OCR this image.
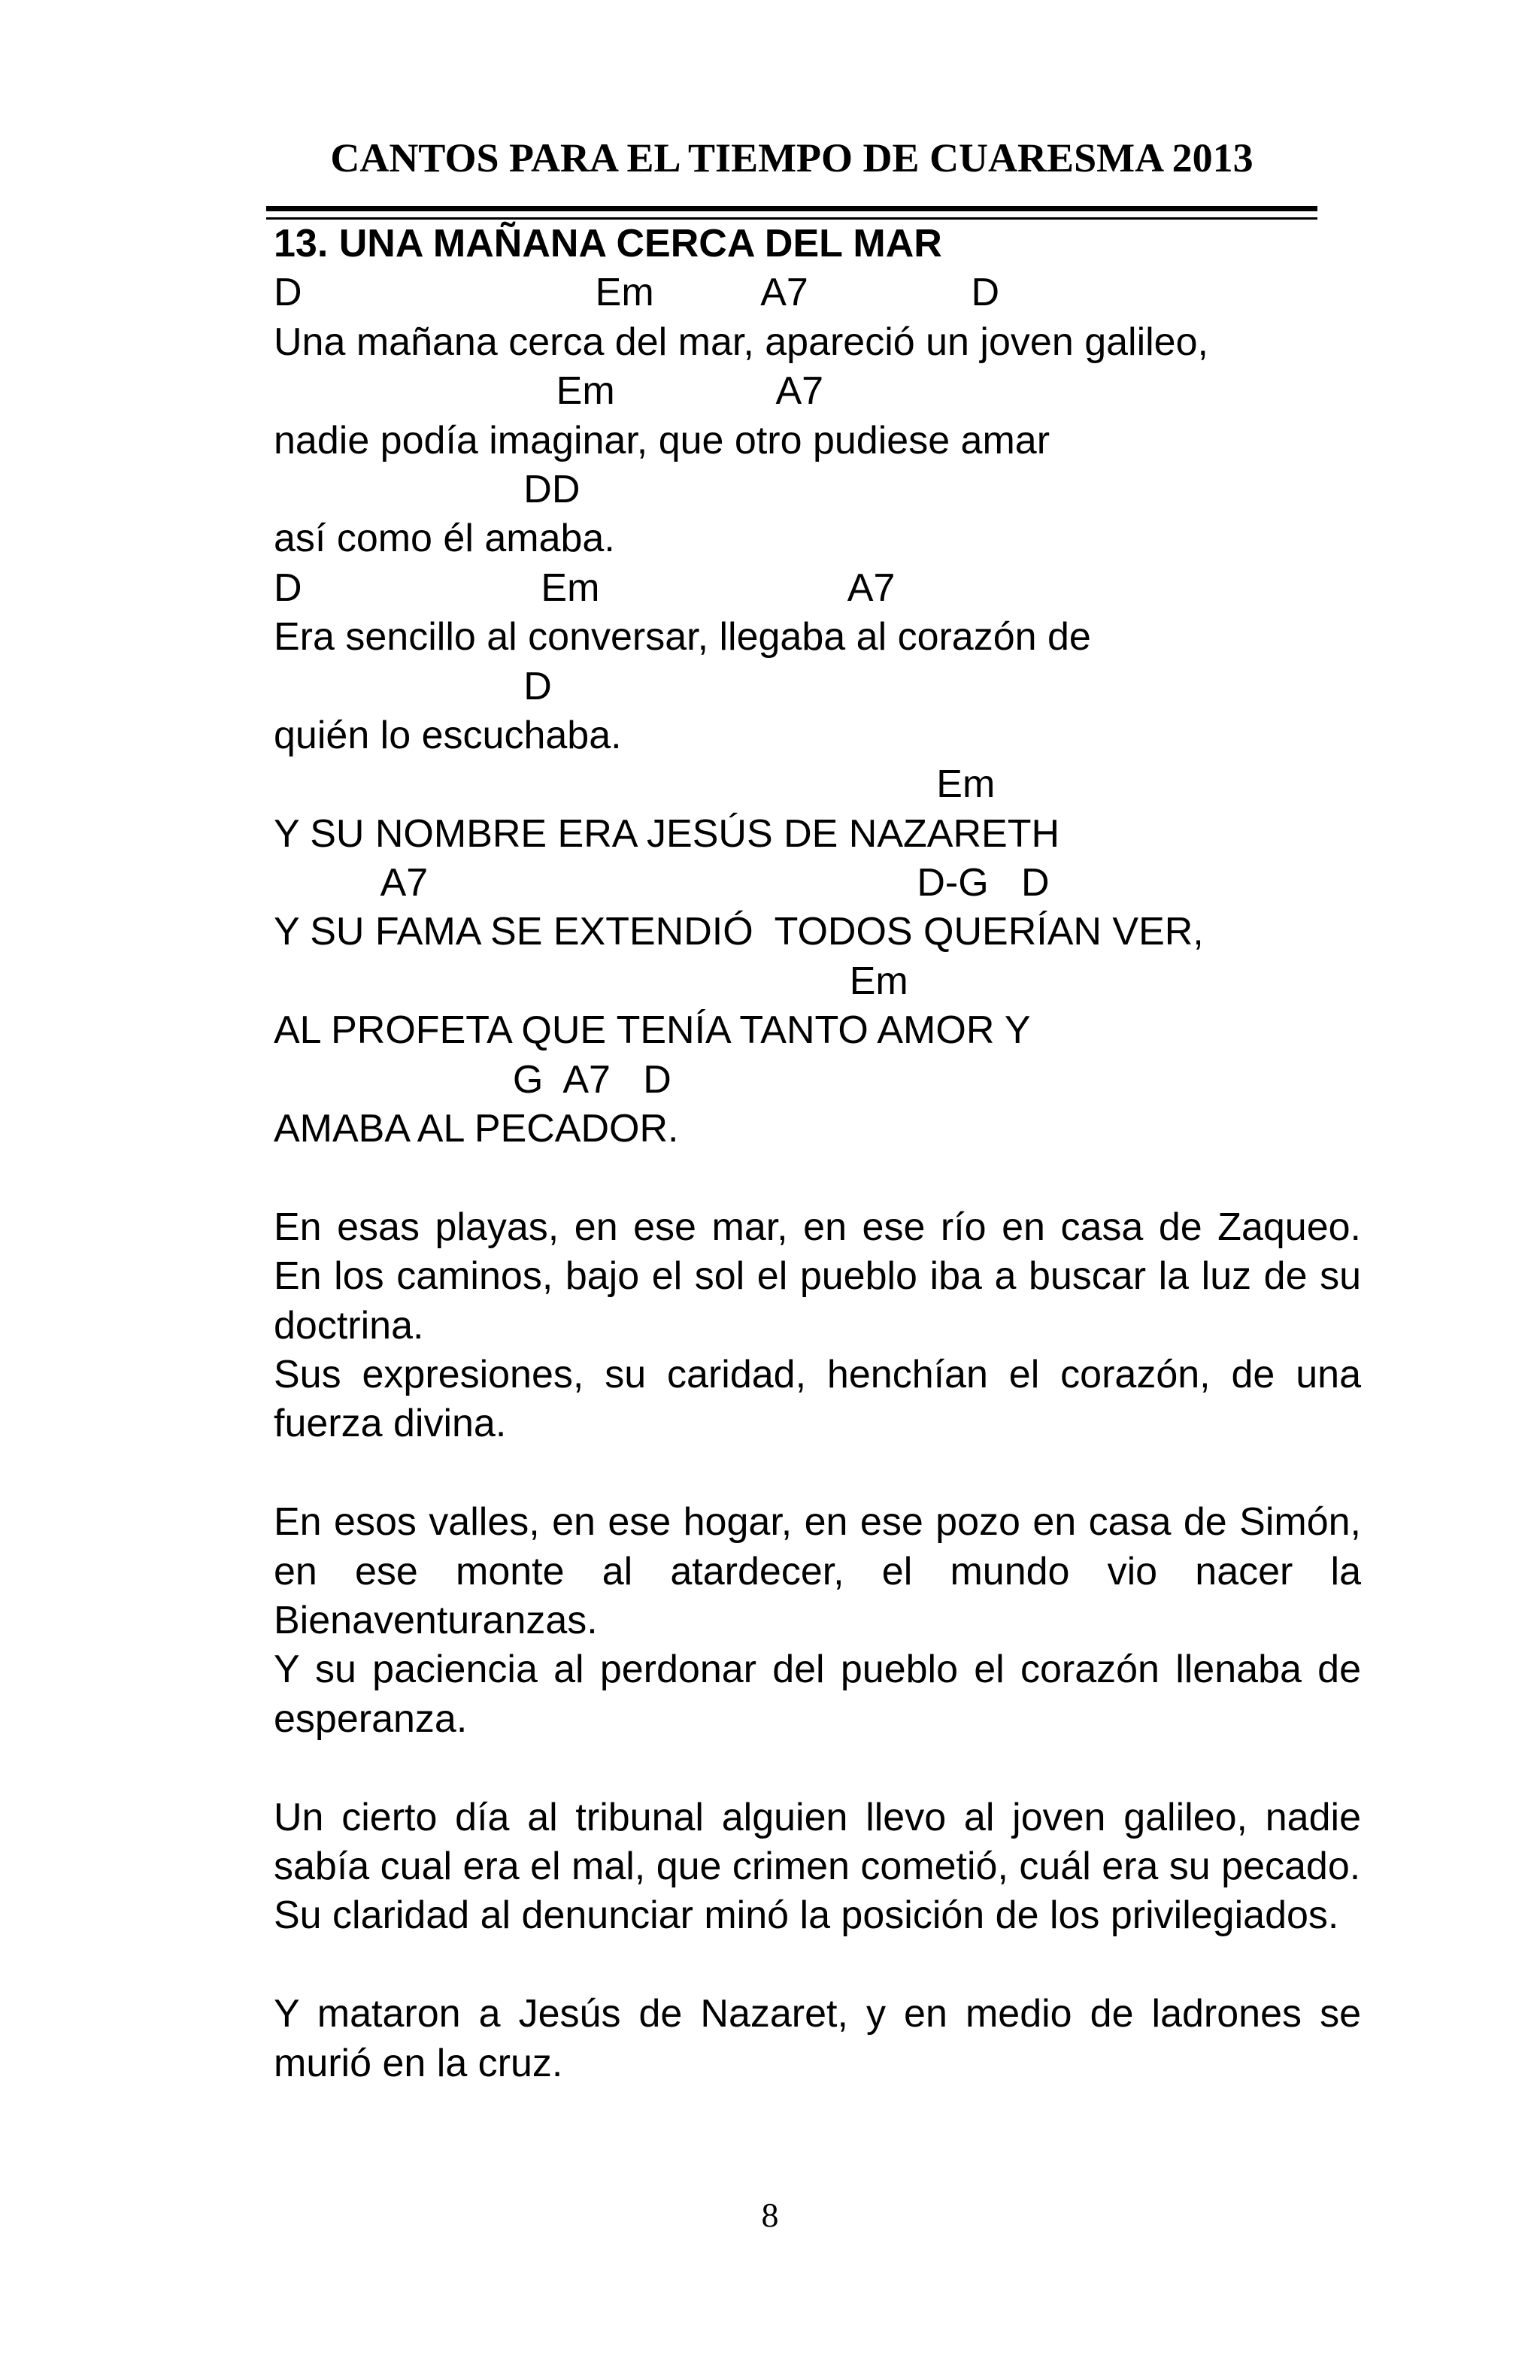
CANTOS PARA EL TIEMPO DE CUARESMA 2013
13. UNA MAÑANA CERCA DEL MAR
D                           Em          A7               D
Una mañana cerca del mar, apareció un joven galileo,
Em               A7
nadie podía imaginar, que otro pudiese amar
DD
así como él amaba.
D                      Em                       A7
Era sencillo al conversar, llegaba al corazón de
D
quién lo escuchaba.
Em
Y SU NOMBRE ERA JESÚS DE NAZARETH
A7                                             D-G   D
Y SU FAMA SE EXTENDIÓ  TODOS QUERÍAN VER,
Em
AL PROFETA QUE TENÍA TANTO AMOR Y
G  A7   D
AMABA AL PECADOR.

En esas playas, en ese mar, en ese río en casa de Zaqueo. En los caminos, bajo el sol el pueblo iba a buscar la luz de su doctrina.

Sus expresiones, su caridad, henchían el corazón, de una fuerza divina.

En esos valles, en ese hogar, en ese pozo en casa de Simón, en ese monte al atardecer, el mundo vio nacer la Bienaventuranzas.

Y su paciencia al perdonar del pueblo el corazón llenaba de esperanza.

Un cierto día al tribunal alguien llevo al joven galileo, nadie sabía cual era el mal, que crimen cometió, cuál era su pecado.

Su claridad al denunciar minó la posición de los privilegiados.

Y mataron a Jesús de Nazaret, y en medio de ladrones se murió en la cruz.

8
